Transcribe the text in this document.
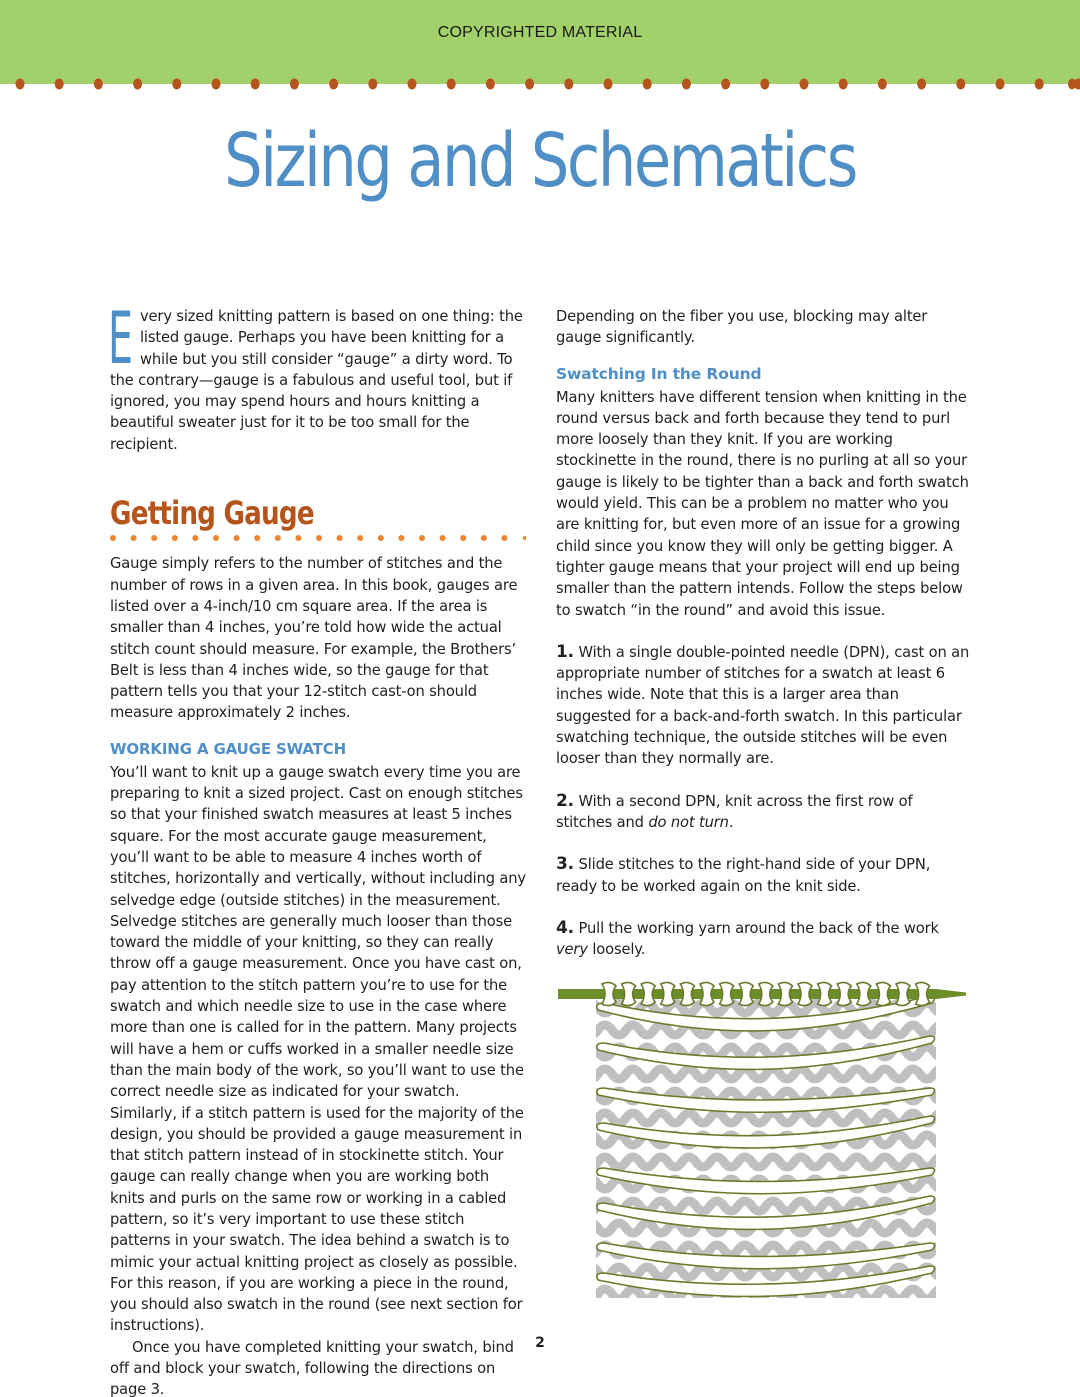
COPYRIGHTED MATERIAL
Sizing and Schematics

Every sized knitting pattern is based on one thing: the listed gauge. Perhaps you have been knitting for a while but you still consider “gauge” a dirty word. To the contrary—gauge is a fabulous and useful tool, but if ignored, you may spend hours and hours knitting a beautiful sweater just for it to be too small for the recipient.

Getting Gauge

Gauge simply refers to the number of stitches and the number of rows in a given area. In this book, gauges are listed over a 4-inch/10 cm square area. If the area is smaller than 4 inches, you’re told how wide the actual stitch count should measure. For example, the Brothers’ Belt is less than 4 inches wide, so the gauge for that pattern tells you that your 12-stitch cast-on should measure approximately 2 inches.

WORKING A GAUGE SWATCH

You’ll want to knit up a gauge swatch every time you are preparing to knit a sized project. Cast on enough stitches so that your finished swatch measures at least 5 inches square. For the most accurate gauge measurement, you’ll want to be able to measure 4 inches worth of stitches, horizontally and vertically, without including any selvedge edge (outside stitches) in the measurement. Selvedge stitches are generally much looser than those toward the middle of your knitting, so they can really throw off a gauge measurement. Once you have cast on, pay attention to the stitch pattern you’re to use for the swatch and which needle size to use in the case where more than one is called for in the pattern. Many projects will have a hem or cuffs worked in a smaller needle size than the main body of the work, so you’ll want to use the correct needle size as indicated for your swatch. Similarly, if a stitch pattern is used for the majority of the design, you should be provided a gauge measurement in that stitch pattern instead of in stockinette stitch. Your gauge can really change when you are working both knits and purls on the same row or working in a cabled pattern, so it’s very important to use these stitch patterns in your swatch. The idea behind a swatch is to mimic your actual knitting project as closely as possible. For this reason, if you are working a piece in the round, you should also swatch in the round (see next section for instructions).

Once you have completed knitting your swatch, bind off and block your swatch, following the directions on page 3.

Depending on the fiber you use, blocking may alter gauge significantly.

Swatching In the Round

Many knitters have different tension when knitting in the round versus back and forth because they tend to purl more loosely than they knit. If you are working stockinette in the round, there is no purling at all so your gauge is likely to be tighter than a back and forth swatch would yield. This can be a problem no matter who you are knitting for, but even more of an issue for a growing child since you know they will only be getting bigger. A tighter gauge means that your project will end up being smaller than the pattern intends. Follow the steps below to swatch “in the round” and avoid this issue.

1. With a single double-pointed needle (DPN), cast on an appropriate number of stitches for a swatch at least 6 inches wide. Note that this is a larger area than suggested for a back-and-forth swatch. In this particular swatching technique, the outside stitches will be even looser than they normally are.

2. With a second DPN, knit across the first row of stitches and do not turn.

3. Slide stitches to the right-hand side of your DPN, ready to be worked again on the knit side.

4. Pull the working yarn around the back of the work very loosely.

2
